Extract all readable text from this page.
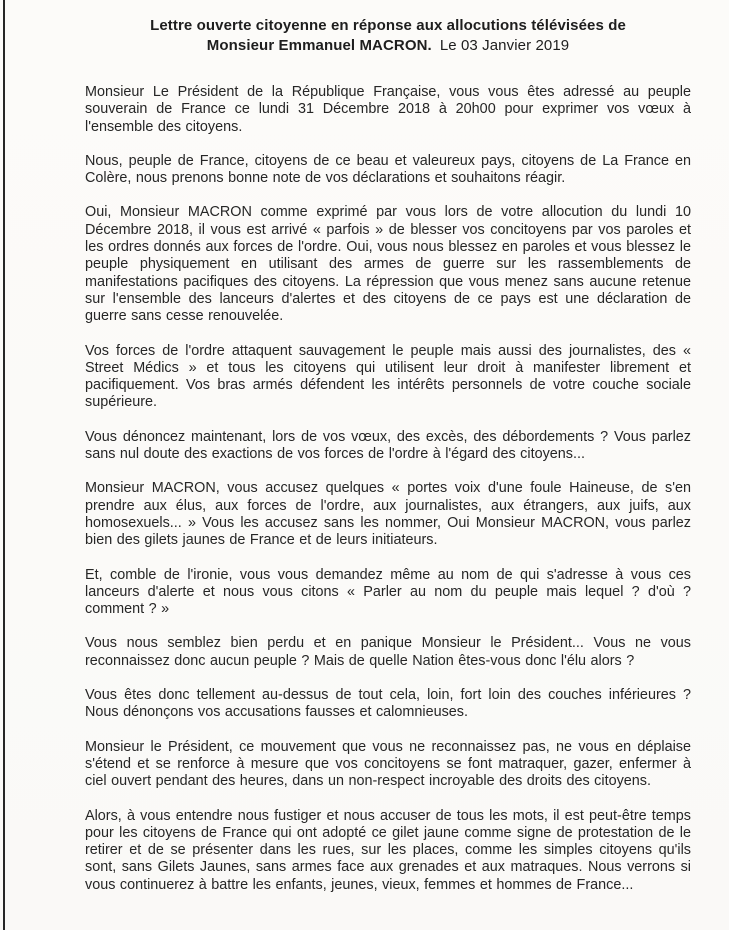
Lettre ouverte citoyenne en réponse aux allocutions télévisées de
Monsieur Emmanuel MACRON. Le 03 Janvier 2019

Monsieur Le Président de la République Française, vous vous êtes adressé au peuple souverain de France ce lundi 31 Décembre 2018 à 20h00 pour exprimer vos vœux à l'ensemble des citoyens.

Nous, peuple de France, citoyens de ce beau et valeureux pays, citoyens de La France en Colère, nous prenons bonne note de vos déclarations et souhaitons réagir.

Oui, Monsieur MACRON comme exprimé par vous lors de votre allocution du lundi 10 Décembre 2018, il vous est arrivé « parfois » de blesser vos concitoyens par vos paroles et les ordres donnés aux forces de l'ordre. Oui, vous nous blessez en paroles et vous blessez le peuple physiquement en utilisant des armes de guerre sur les rassemblements de manifestations pacifiques des citoyens. La répression que vous menez sans aucune retenue sur l'ensemble des lanceurs d'alertes et des citoyens de ce pays est une déclaration de guerre sans cesse renouvelée.

Vos forces de l'ordre attaquent sauvagement le peuple mais aussi des journalistes, des « Street Médics » et tous les citoyens qui utilisent leur droit à manifester librement et pacifiquement. Vos bras armés défendent les intérêts personnels de votre couche sociale supérieure.

Vous dénoncez maintenant, lors de vos vœux, des excès, des débordements ? Vous parlez sans nul doute des exactions de vos forces de l'ordre à l'égard des citoyens...

Monsieur MACRON, vous accusez quelques « portes voix d'une foule Haineuse, de s'en prendre aux élus, aux forces de l'ordre, aux journalistes, aux étrangers, aux juifs, aux homosexuels... » Vous les accusez sans les nommer, Oui Monsieur MACRON, vous parlez bien des gilets jaunes de France et de leurs initiateurs.

Et, comble de l'ironie, vous vous demandez même au nom de qui s'adresse à vous ces lanceurs d'alerte et nous vous citons « Parler au nom du peuple mais lequel ? d'où ? comment ? »

Vous nous semblez bien perdu et en panique Monsieur le Président... Vous ne vous reconnaissez donc aucun peuple ? Mais de quelle Nation êtes-vous donc l'élu alors ?

Vous êtes donc tellement au-dessus de tout cela, loin, fort loin des couches inférieures ? Nous dénonçons vos accusations fausses et calomnieuses.

Monsieur le Président, ce mouvement que vous ne reconnaissez pas, ne vous en déplaise s'étend et se renforce à mesure que vos concitoyens se font matraquer, gazer, enfermer à ciel ouvert pendant des heures, dans un non-respect incroyable des droits des citoyens.

Alors, à vous entendre nous fustiger et nous accuser de tous les mots, il est peut-être temps pour les citoyens de France qui ont adopté ce gilet jaune comme signe de protestation de le retirer et de se présenter dans les rues, sur les places, comme les simples citoyens qu'ils sont, sans Gilets Jaunes, sans armes face aux grenades et aux matraques. Nous verrons si vous continuerez à battre les enfants, jeunes, vieux, femmes et hommes de France...
